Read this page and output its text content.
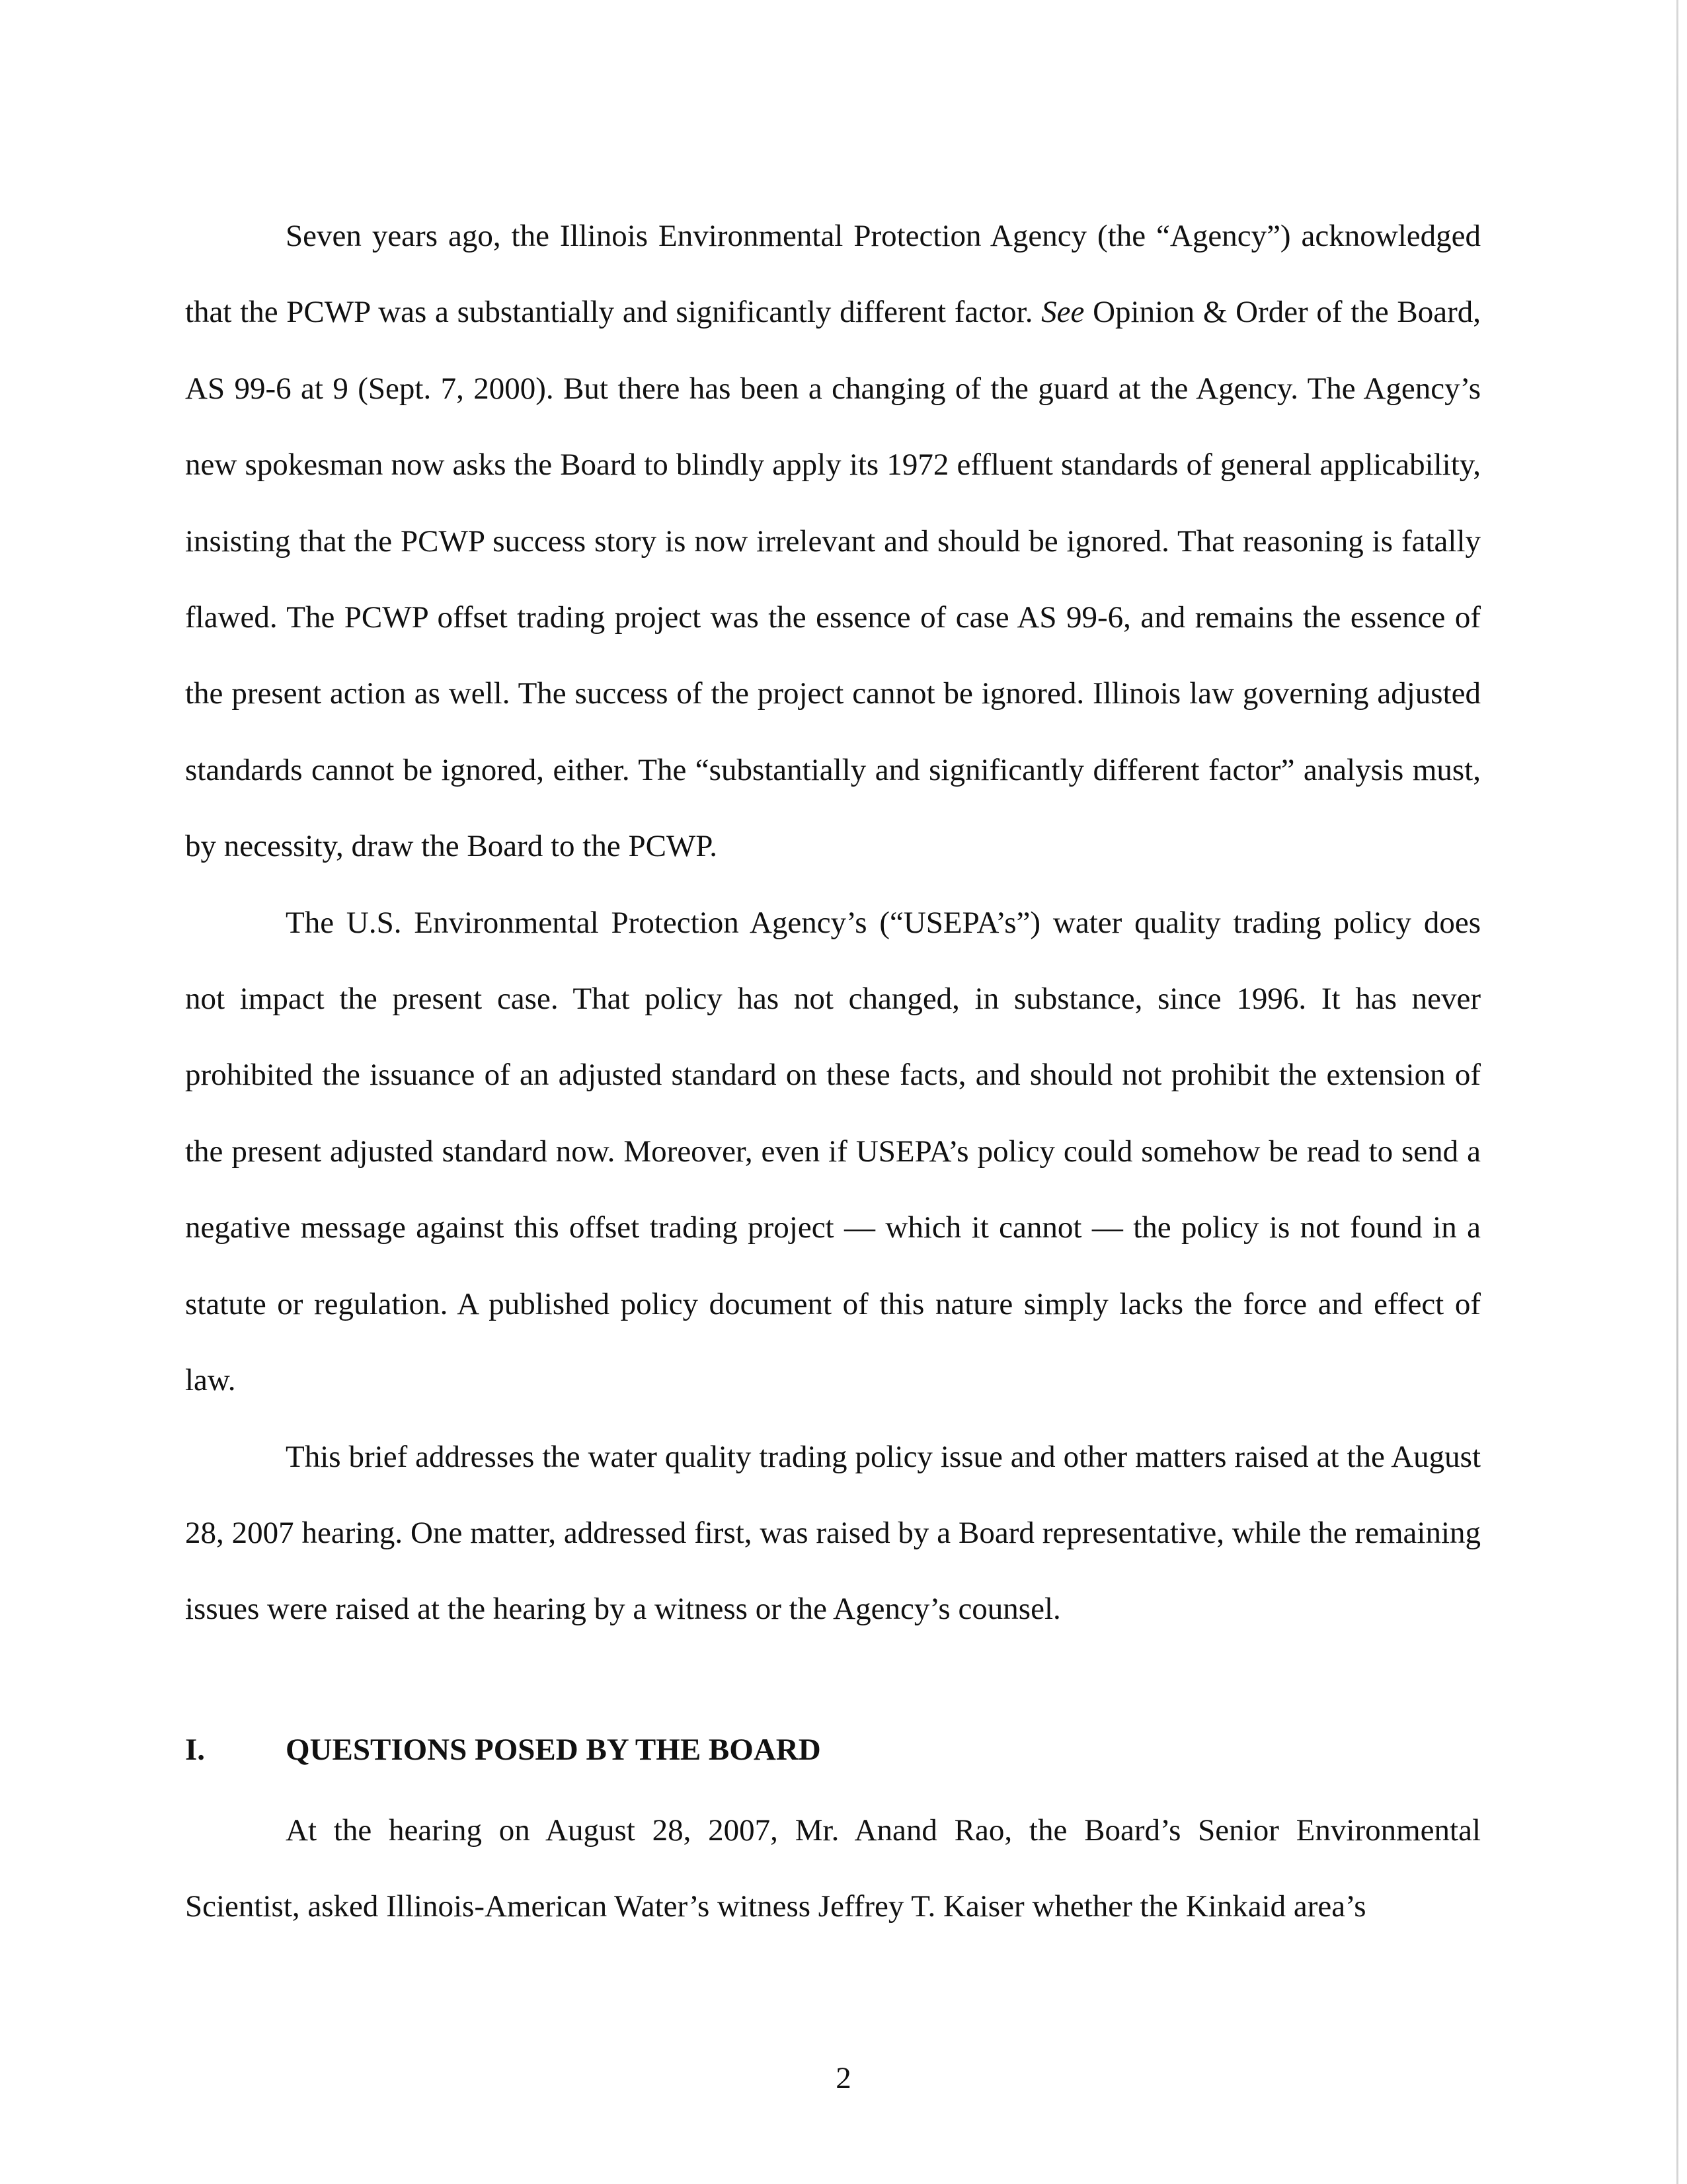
Seven years ago, the Illinois Environmental Protection Agency (the “Agency”) acknowledged that the PCWP was a substantially and significantly different factor. See Opinion & Order of the Board, AS 99-6 at 9 (Sept. 7, 2000). But there has been a changing of the guard at the Agency. The Agency’s new spokesman now asks the Board to blindly apply its 1972 effluent standards of general applicability, insisting that the PCWP success story is now irrelevant and should be ignored. That reasoning is fatally flawed. The PCWP offset trading project was the essence of case AS 99-6, and remains the essence of the present action as well. The success of the project cannot be ignored. Illinois law governing adjusted standards cannot be ignored, either. The “substantially and significantly different factor” analysis must, by necessity, draw the Board to the PCWP.

The U.S. Environmental Protection Agency’s (“USEPA’s”) water quality trading policy does not impact the present case. That policy has not changed, in substance, since 1996. It has never prohibited the issuance of an adjusted standard on these facts, and should not prohibit the extension of the present adjusted standard now. Moreover, even if USEPA’s policy could somehow be read to send a negative message against this offset trading project — which it cannot — the policy is not found in a statute or regulation. A published policy document of this nature simply lacks the force and effect of law.

This brief addresses the water quality trading policy issue and other matters raised at the August 28, 2007 hearing. One matter, addressed first, was raised by a Board representative, while the remaining issues were raised at the hearing by a witness or the Agency’s counsel.

I.	QUESTIONS POSED BY THE BOARD

At the hearing on August 28, 2007, Mr. Anand Rao, the Board’s Senior Environmental Scientist, asked Illinois-American Water’s witness Jeffrey T. Kaiser whether the Kinkaid area’s

2
